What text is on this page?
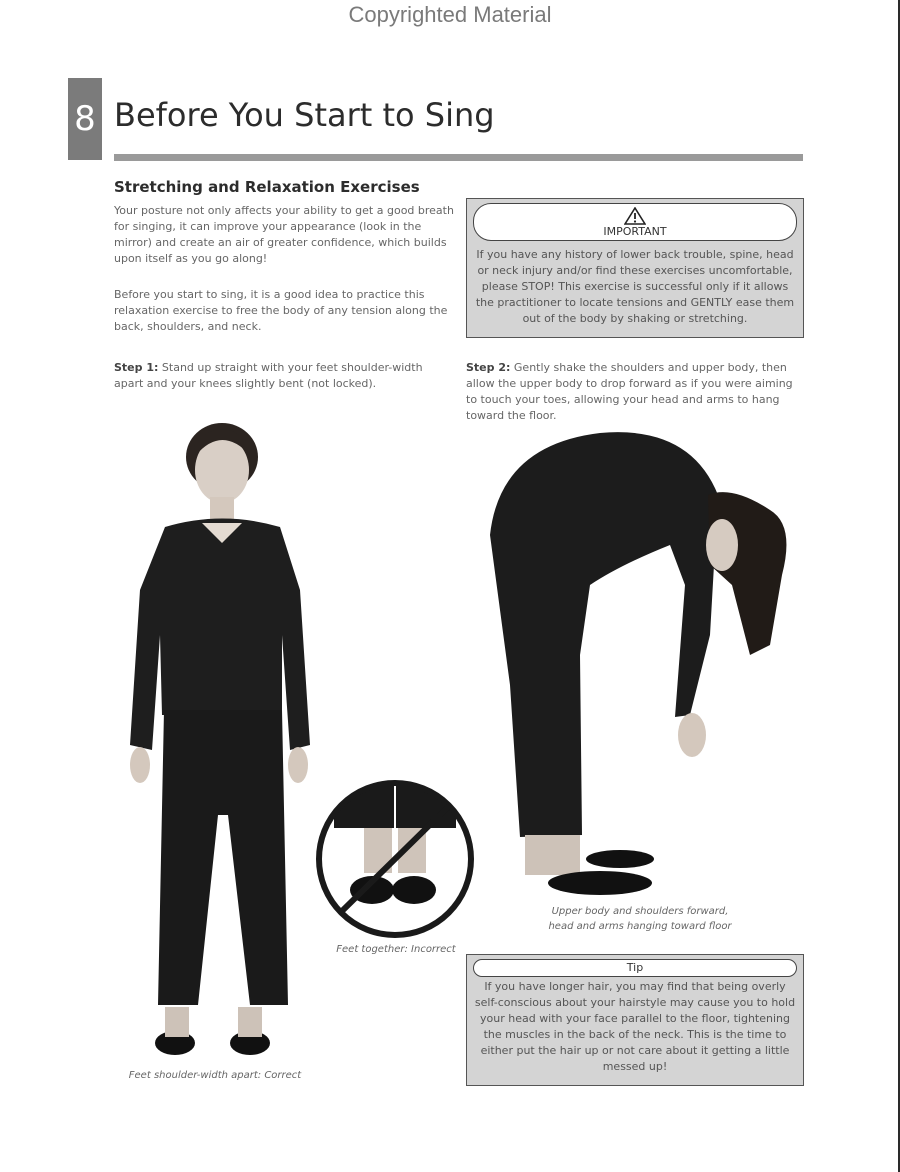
Copyrighted Material
8 Before You Start to Sing
Stretching and Relaxation Exercises
Your posture not only affects your ability to get a good breath for singing, it can improve your appearance (look in the mirror) and create an air of greater confidence, which builds upon itself as you go along!
Before you start to sing, it is a good idea to practice this relaxation exercise to free the body of any tension along the back, shoulders, and neck.
IMPORTANT
If you have any history of lower back trouble, spine, head or neck injury and/or find these exercises uncomfortable, please STOP! This exercise is successful only if it allows the practitioner to locate tensions and GENTLY ease them out of the body by shaking or stretching.
Step 1: Stand up straight with your feet shoulder-width apart and your knees slightly bent (not locked).
Step 2: Gently shake the shoulders and upper body, then allow the upper body to drop forward as if you were aiming to touch your toes, allowing your head and arms to hang toward the floor.
Feet shoulder-width apart: Correct
Feet together: Incorrect
Upper body and shoulders forward,
head and arms hanging toward floor
Tip
If you have longer hair, you may find that being overly self-conscious about your hairstyle may cause you to hold your head with your face parallel to the floor, tightening the muscles in the back of the neck. This is the time to either put the hair up or not care about it getting a little messed up!
